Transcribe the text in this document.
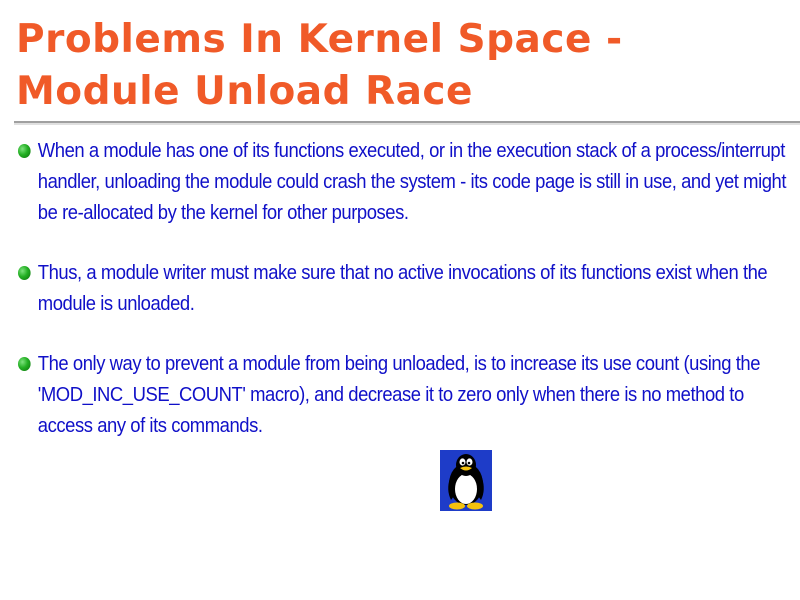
Problems In Kernel Space - Module Unload Race
When a module has one of its functions executed, or in the execution stack of a process/interrupt handler, unloading the module could crash the system - its code page is still in use, and yet might be re-allocated by the kernel for other purposes.
Thus, a module writer must make sure that no active invocations of its functions exist when the module is unloaded.
The only way to prevent a module from being unloaded, is to increase its use count (using the 'MOD_INC_USE_COUNT' macro), and decrease it to zero only when there is no method to access any of its commands.
